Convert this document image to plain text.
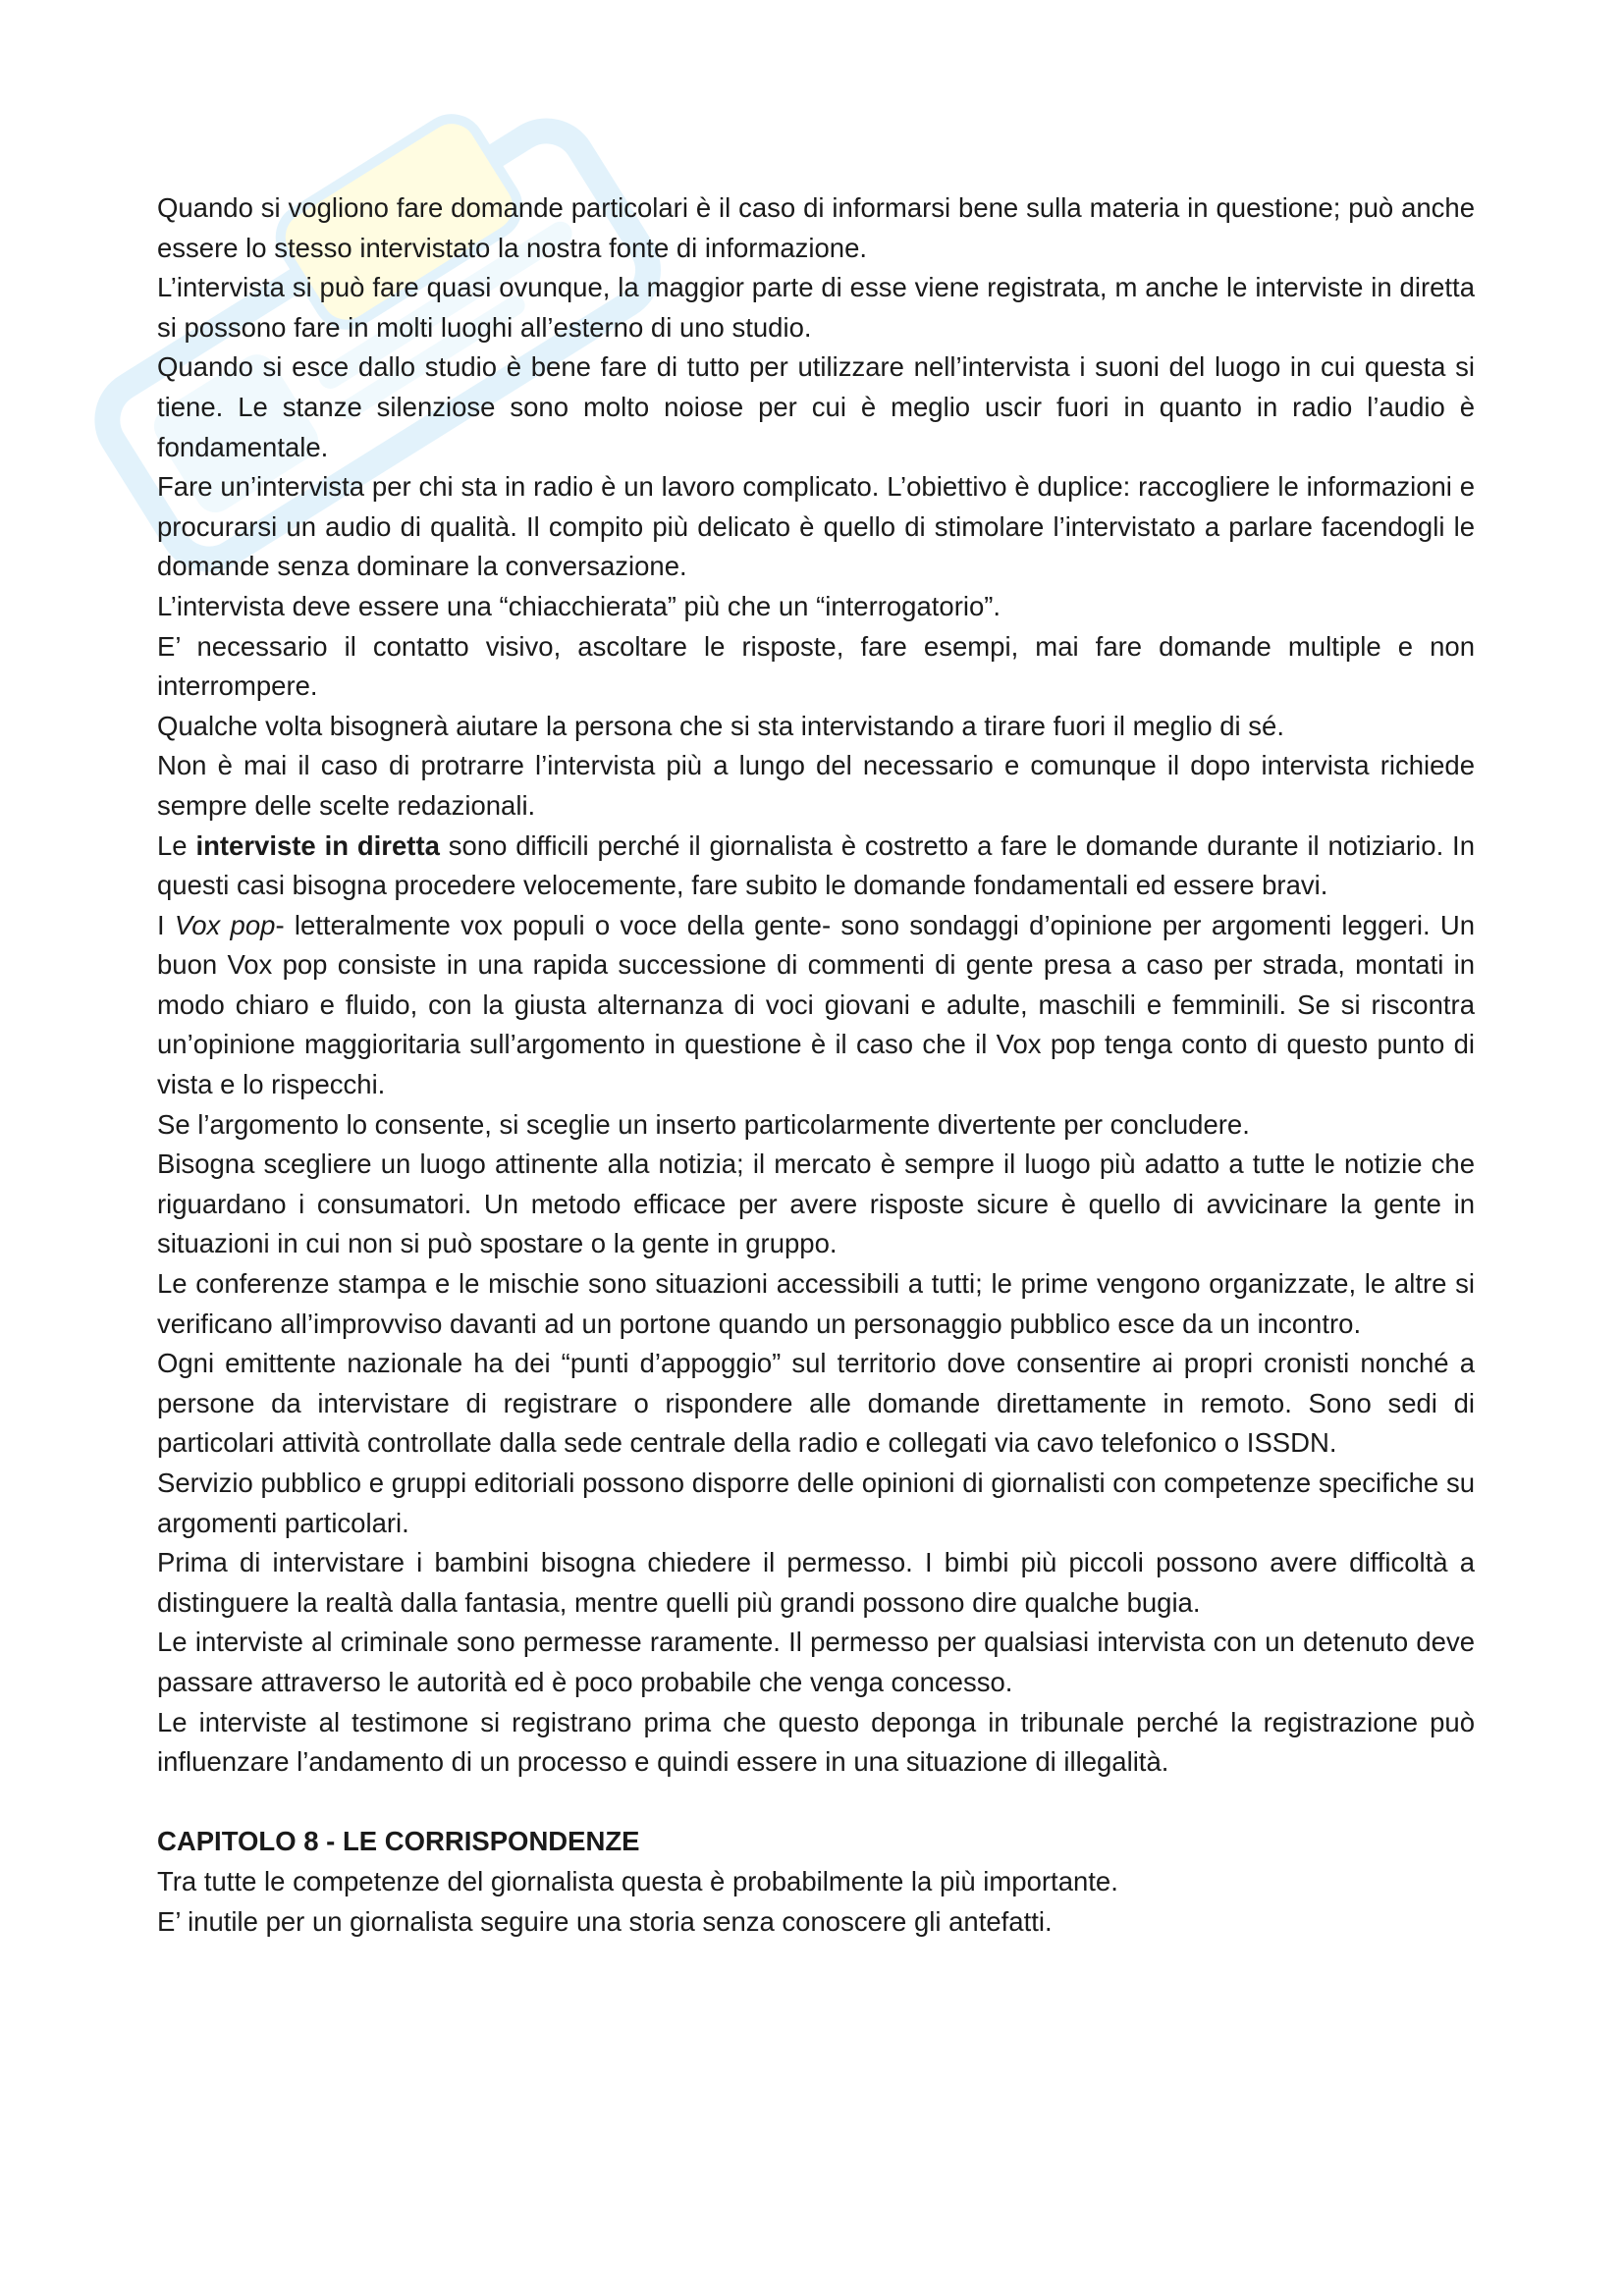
Quando si vogliono fare domande particolari è il caso di informarsi bene sulla materia in questione; può anche essere lo stesso intervistato la nostra fonte di informazione.

L’intervista si può fare quasi ovunque, la maggior parte di esse viene registrata, m anche le interviste in diretta si possono fare in molti luoghi all’esterno di uno studio.

Quando si esce dallo studio è bene fare di tutto per utilizzare nell’intervista i suoni del luogo in cui questa si tiene. Le stanze silenziose sono molto noiose per cui è meglio uscir fuori in quanto in radio l’audio è fondamentale.

Fare un’intervista per chi sta in radio è un lavoro complicato. L’obiettivo è duplice: raccogliere le informazioni e procurarsi un audio di qualità. Il compito più delicato è quello di stimolare l’intervistato a parlare facendogli le domande senza dominare la conversazione.

L’intervista deve essere una “chiacchierata” più che un “interrogatorio”.

E’ necessario il contatto visivo, ascoltare le risposte, fare esempi, mai fare domande multiple e non interrompere.

Qualche volta bisognerà aiutare la persona che si sta intervistando a tirare fuori il meglio di sé.

Non è mai il caso di protrarre l’intervista più a lungo del necessario e comunque il dopo intervista richiede sempre delle scelte redazionali.

Le interviste in diretta sono difficili perché il giornalista è costretto a fare le domande durante il notiziario. In questi casi bisogna procedere velocemente, fare subito le domande fondamentali ed essere bravi.

I Vox pop- letteralmente vox populi o voce della gente- sono sondaggi d’opinione per argomenti leggeri. Un buon Vox pop consiste in una rapida successione di commenti di gente presa a caso per strada, montati in modo chiaro e fluido, con la giusta alternanza di voci giovani e adulte, maschili e femminili. Se si riscontra un’opinione maggioritaria sull’argomento in questione è il caso che il Vox pop tenga conto di questo punto di vista e lo rispecchi.

Se l’argomento lo consente, si sceglie un inserto particolarmente divertente per concludere.

Bisogna scegliere un luogo attinente alla notizia; il mercato è sempre il luogo più adatto a tutte le notizie che riguardano i consumatori. Un metodo efficace per avere risposte sicure è quello di avvicinare la gente in situazioni in cui non si può spostare o la gente in gruppo.

Le conferenze stampa e le mischie sono situazioni accessibili a tutti; le prime vengono organizzate, le altre si verificano all’improvviso davanti ad un portone quando un personaggio pubblico esce da un incontro.

Ogni emittente nazionale ha dei “punti d’appoggio” sul territorio dove consentire ai propri cronisti nonché a persone da intervistare di registrare o rispondere alle domande direttamente in remoto. Sono sedi di particolari attività controllate dalla sede centrale della radio e collegati via cavo telefonico o ISSDN.

Servizio pubblico e gruppi editoriali possono disporre delle opinioni di giornalisti con competenze specifiche su argomenti particolari.

Prima di intervistare i bambini bisogna chiedere il permesso. I bimbi più piccoli possono avere difficoltà a distinguere la realtà dalla fantasia, mentre quelli più grandi possono dire qualche bugia.

Le interviste al criminale sono permesse raramente. Il permesso per qualsiasi intervista con un detenuto deve passare attraverso le autorità ed è poco probabile che venga concesso.

Le interviste al testimone si registrano prima che questo deponga in tribunale perché la registrazione può influenzare l’andamento di un processo e quindi essere in una situazione di illegalità.

CAPITOLO 8 - LE CORRISPONDENZE

Tra tutte le competenze del giornalista questa è probabilmente la più importante.

E’ inutile per un giornalista seguire una storia senza conoscere gli antefatti.
